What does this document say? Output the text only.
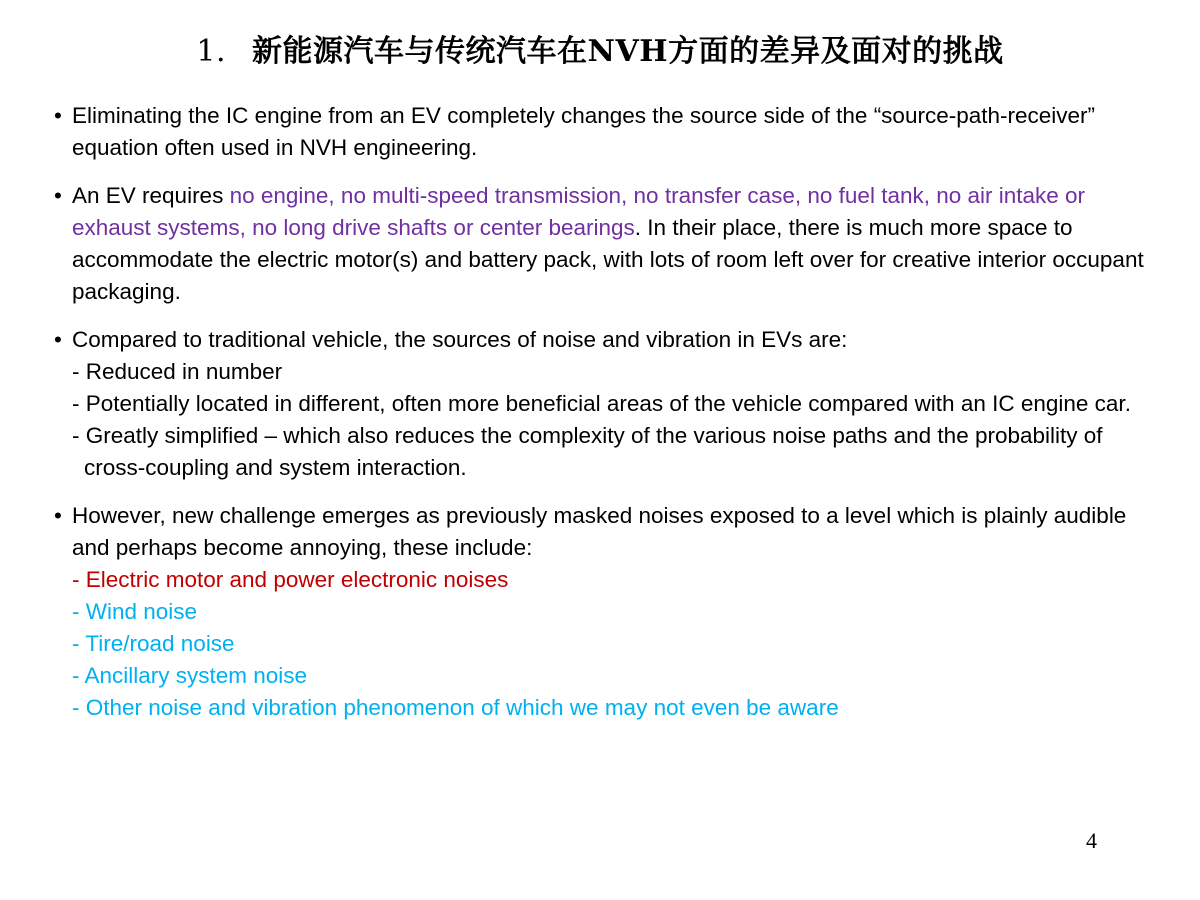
1. 新能源汽车与传统汽车在NVH方面的差异及面对的挑战
• Eliminating the IC engine from an EV completely changes the source side of the “source-path-receiver” equation often used in NVH engineering.
• An EV requires no engine, no multi-speed transmission, no transfer case, no fuel tank, no air intake or exhaust systems, no long drive shafts or center bearings. In their place, there is much more space to accommodate the electric motor(s) and battery pack, with lots of room left over for creative interior occupant packaging.
• Compared to traditional vehicle, the sources of noise and vibration in EVs are:
- Reduced in number
- Potentially located in different, often more beneficial areas of the vehicle compared with an IC engine car.
- Greatly simplified – which also reduces the complexity of the various noise paths and the probability of cross-coupling and system interaction.
• However, new challenge emerges as previously masked noises exposed to a level which is plainly audible and perhaps become annoying, these include:
- Electric motor and power electronic noises
- Wind noise
- Tire/road noise
- Ancillary system noise
- Other noise and vibration phenomenon of which we may not even be aware
4
